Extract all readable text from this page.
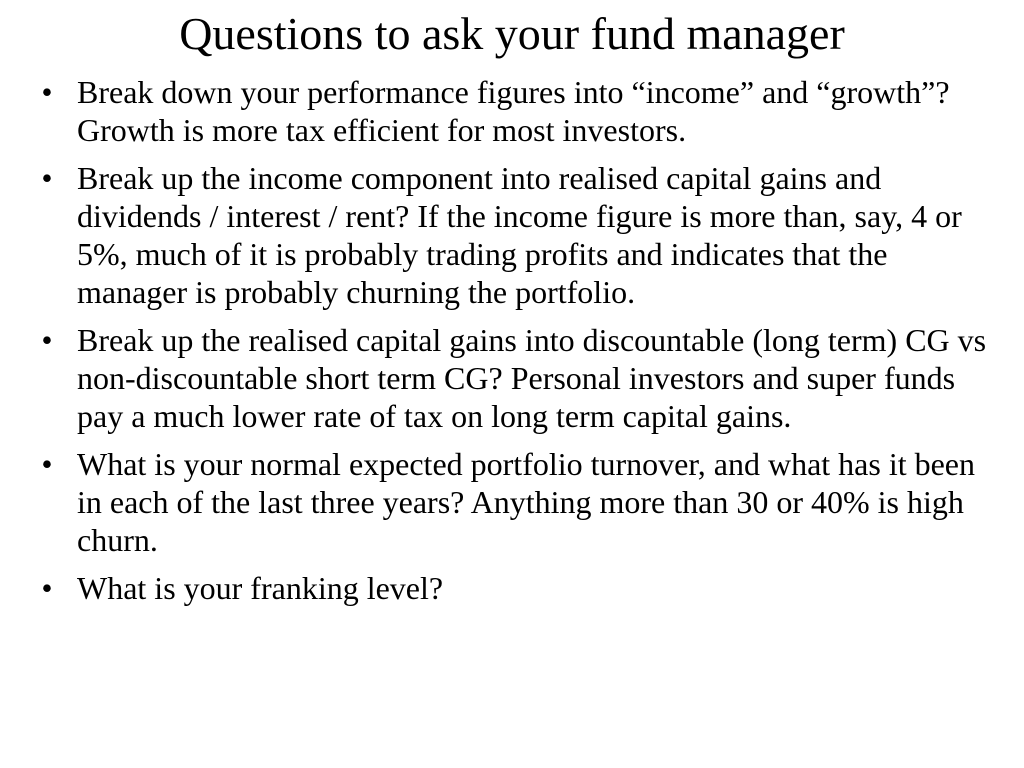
Questions to ask your fund manager
• Break down your performance figures into “income” and “growth”? Growth is more tax efficient for most investors.
• Break up the income component into realised capital gains and dividends / interest / rent? If the income figure is more than, say, 4 or 5%, much of it is probably trading profits and indicates that the manager is probably churning the portfolio.
• Break up the realised capital gains into discountable (long term) CG vs non-discountable short term CG? Personal investors and super funds pay a much lower rate of tax on long term capital gains.
• What is your normal expected portfolio turnover, and what has it been in each of the last three years? Anything more than 30 or 40% is high churn.
• What is your franking level?
